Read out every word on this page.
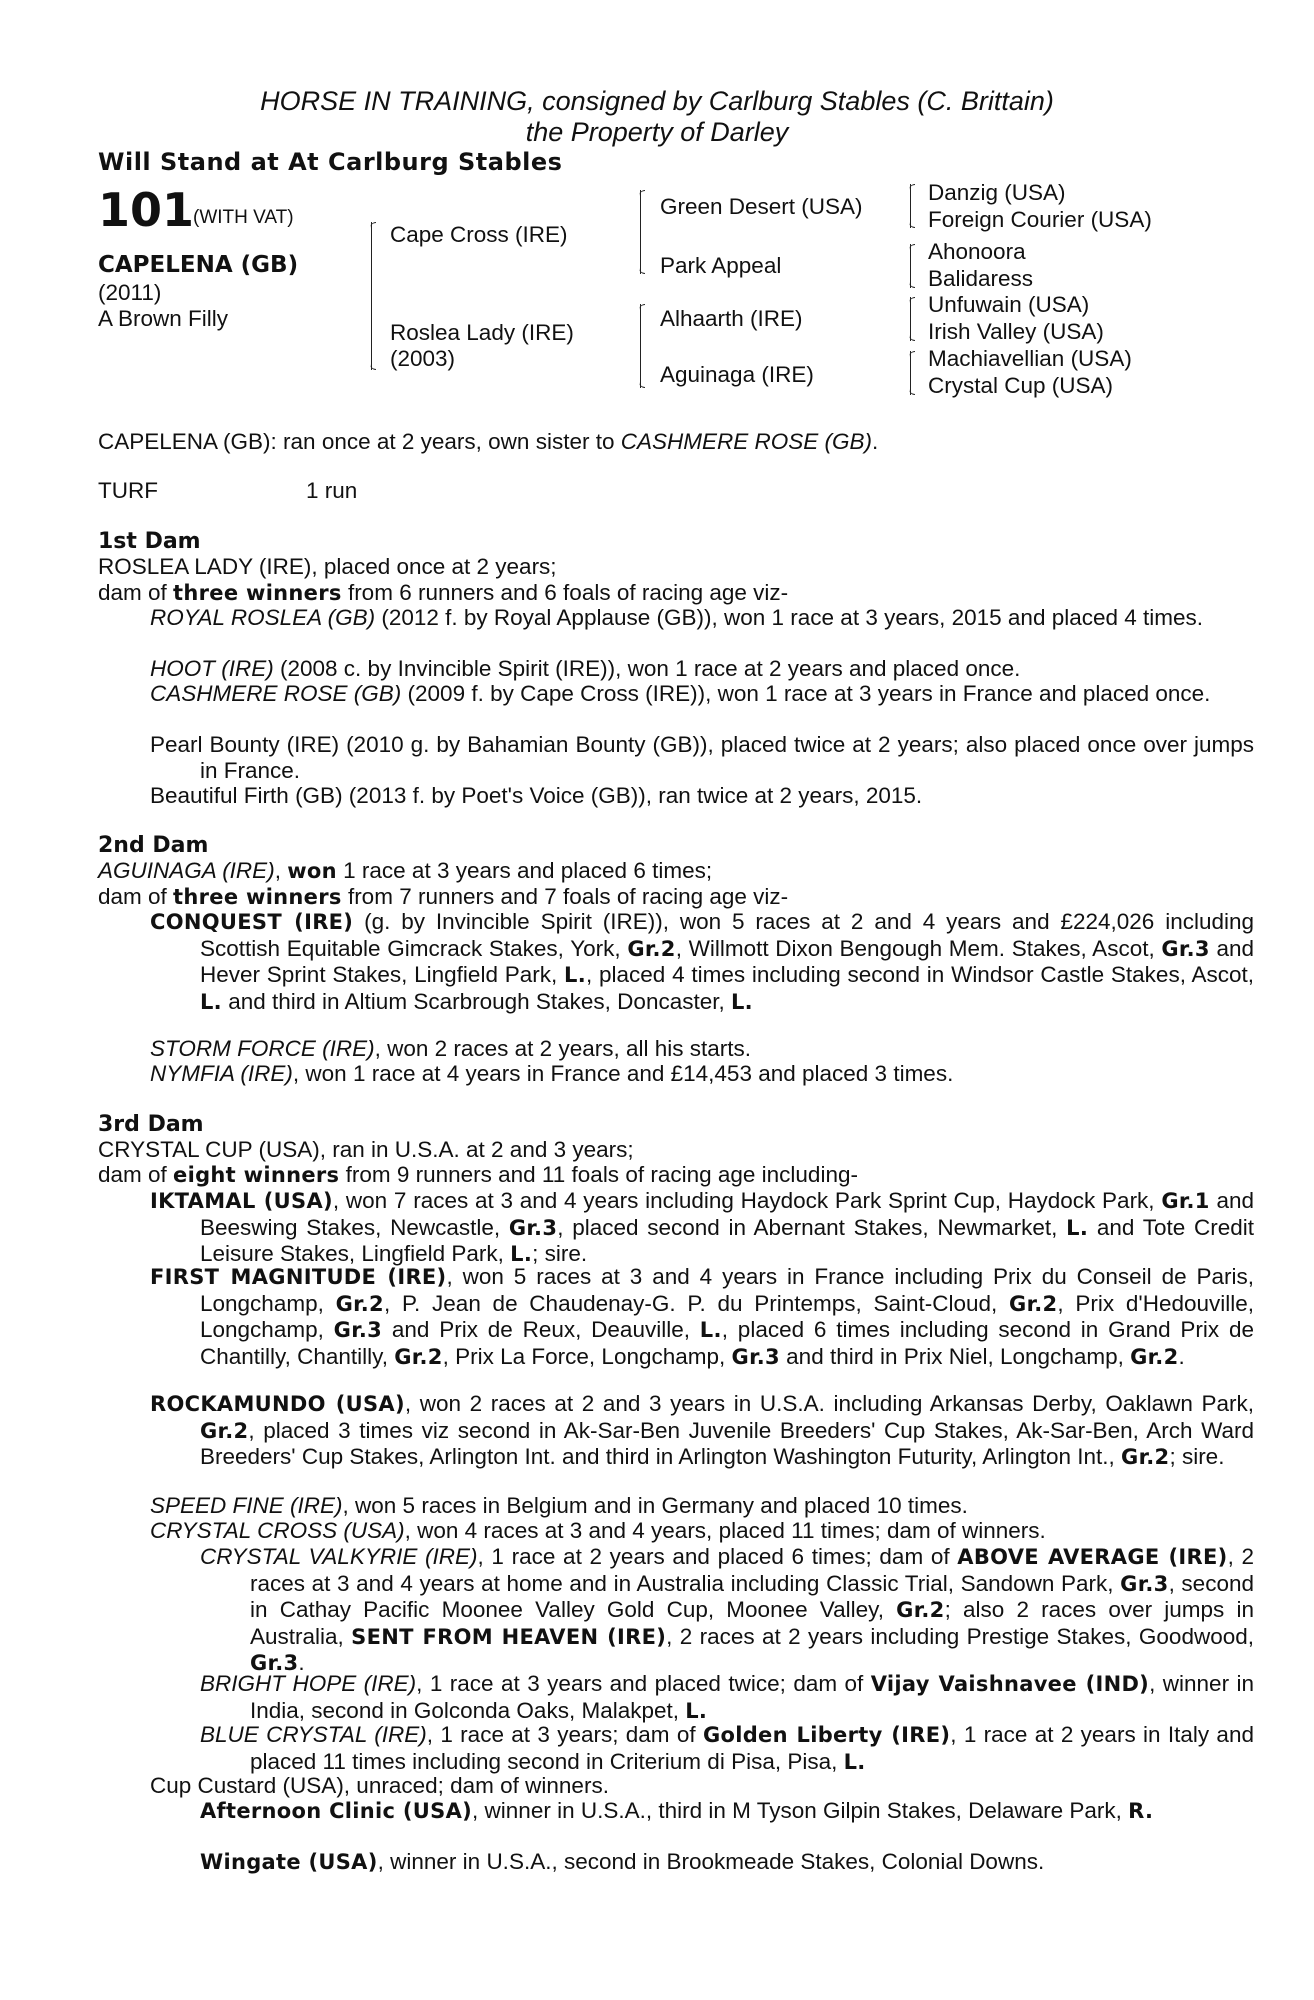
HORSE IN TRAINING, consigned by Carlburg Stables (C. Brittain)
the Property of Darley
Will Stand at At Carlburg Stables
101
(WITH VAT)
CAPELENA (GB)
(2011)
A Brown Filly
Cape Cross (IRE)
Roslea Lady (IRE)
(2003)
Green Desert (USA)
Park Appeal
Alhaarth (IRE)
Aguinaga (IRE)
Danzig (USA)
Foreign Courier (USA)
Ahonoora
Balidaress
Unfuwain (USA)
Irish Valley (USA)
Machiavellian (USA)
Crystal Cup (USA)
CAPELENA (GB): ran once at 2 years, own sister to CASHMERE ROSE (GB).
TURF	1 run
1st Dam
ROSLEA LADY (IRE), placed once at 2 years;
dam of three winners from 6 runners and 6 foals of racing age viz-
ROYAL ROSLEA (GB) (2012 f. by Royal Applause (GB)), won 1 race at 3 years, 2015 and placed 4 times.
HOOT (IRE) (2008 c. by Invincible Spirit (IRE)), won 1 race at 2 years and placed once.
CASHMERE ROSE (GB) (2009 f. by Cape Cross (IRE)), won 1 race at 3 years in France and placed once.
Pearl Bounty (IRE) (2010 g. by Bahamian Bounty (GB)), placed twice at 2 years; also placed once over jumps in France.
Beautiful Firth (GB) (2013 f. by Poet's Voice (GB)), ran twice at 2 years, 2015.
2nd Dam
AGUINAGA (IRE), won 1 race at 3 years and placed 6 times;
dam of three winners from 7 runners and 7 foals of racing age viz-
CONQUEST (IRE) (g. by Invincible Spirit (IRE)), won 5 races at 2 and 4 years and £224,026 including Scottish Equitable Gimcrack Stakes, York, Gr.2, Willmott Dixon Bengough Mem. Stakes, Ascot, Gr.3 and Hever Sprint Stakes, Lingfield Park, L., placed 4 times including second in Windsor Castle Stakes, Ascot, L. and third in Altium Scarbrough Stakes, Doncaster, L.
STORM FORCE (IRE), won 2 races at 2 years, all his starts.
NYMFIA (IRE), won 1 race at 4 years in France and £14,453 and placed 3 times.
3rd Dam
CRYSTAL CUP (USA), ran in U.S.A. at 2 and 3 years;
dam of eight winners from 9 runners and 11 foals of racing age including-
IKTAMAL (USA), won 7 races at 3 and 4 years including Haydock Park Sprint Cup, Haydock Park, Gr.1 and Beeswing Stakes, Newcastle, Gr.3, placed second in Abernant Stakes, Newmarket, L. and Tote Credit Leisure Stakes, Lingfield Park, L.; sire.
FIRST MAGNITUDE (IRE), won 5 races at 3 and 4 years in France including Prix du Conseil de Paris, Longchamp, Gr.2, P. Jean de Chaudenay-G. P. du Printemps, Saint-Cloud, Gr.2, Prix d'Hedouville, Longchamp, Gr.3 and Prix de Reux, Deauville, L., placed 6 times including second in Grand Prix de Chantilly, Chantilly, Gr.2, Prix La Force, Longchamp, Gr.3 and third in Prix Niel, Longchamp, Gr.2.
ROCKAMUNDO (USA), won 2 races at 2 and 3 years in U.S.A. including Arkansas Derby, Oaklawn Park, Gr.2, placed 3 times viz second in Ak-Sar-Ben Juvenile Breeders' Cup Stakes, Ak-Sar-Ben, Arch Ward Breeders' Cup Stakes, Arlington Int. and third in Arlington Washington Futurity, Arlington Int., Gr.2; sire.
SPEED FINE (IRE), won 5 races in Belgium and in Germany and placed 10 times.
CRYSTAL CROSS (USA), won 4 races at 3 and 4 years, placed 11 times; dam of winners.
CRYSTAL VALKYRIE (IRE), 1 race at 2 years and placed 6 times; dam of ABOVE AVERAGE (IRE), 2 races at 3 and 4 years at home and in Australia including Classic Trial, Sandown Park, Gr.3, second in Cathay Pacific Moonee Valley Gold Cup, Moonee Valley, Gr.2; also 2 races over jumps in Australia, SENT FROM HEAVEN (IRE), 2 races at 2 years including Prestige Stakes, Goodwood, Gr.3.
BRIGHT HOPE (IRE), 1 race at 3 years and placed twice; dam of Vijay Vaishnavee (IND), winner in India, second in Golconda Oaks, Malakpet, L.
BLUE CRYSTAL (IRE), 1 race at 3 years; dam of Golden Liberty (IRE), 1 race at 2 years in Italy and placed 11 times including second in Criterium di Pisa, Pisa, L.
Cup Custard (USA), unraced; dam of winners.
Afternoon Clinic (USA), winner in U.S.A., third in M Tyson Gilpin Stakes, Delaware Park, R.
Wingate (USA), winner in U.S.A., second in Brookmeade Stakes, Colonial Downs.
